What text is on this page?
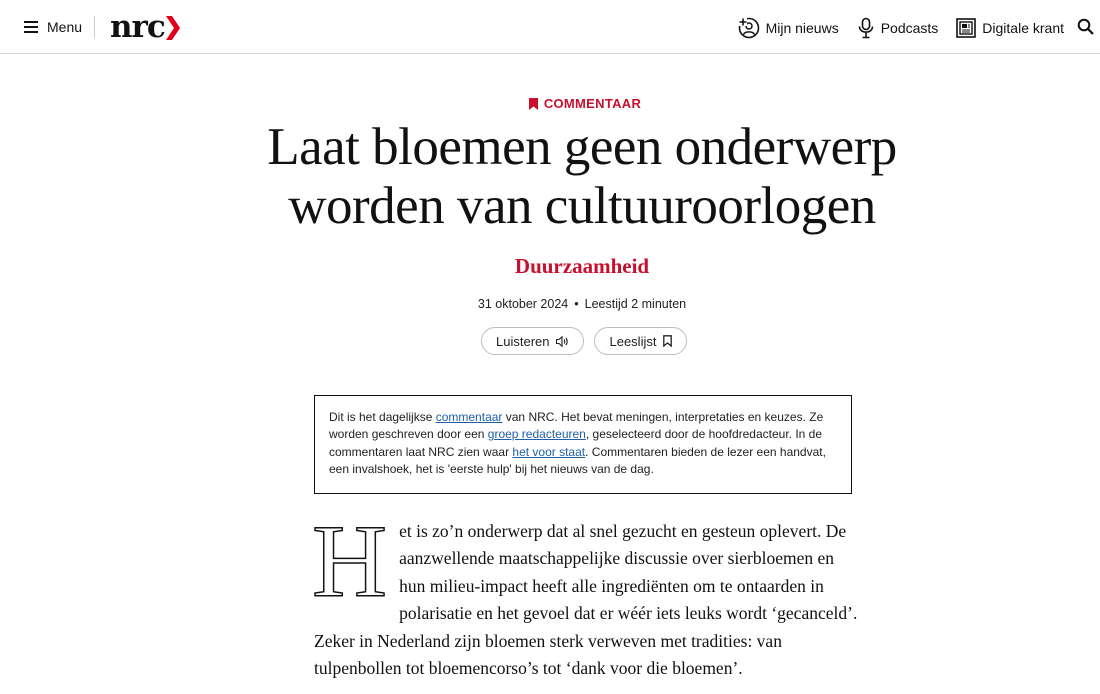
Menu nrc	Mijn nieuws	Podcasts	Digitale krant
COMMENTAAR
Laat bloemen geen onderwerp worden van cultuuroorlogen
Duurzaamheid
31 oktober 2024 • Leestijd 2 minuten
Luisteren	Leeslijst
Dit is het dagelijkse commentaar van NRC. Het bevat meningen, interpretaties en keuzes. Ze worden geschreven door een groep redacteuren, geselecteerd door de hoofdredacteur. In de commentaren laat NRC zien waar het voor staat. Commentaren bieden de lezer een handvat, een invalshoek, het is 'eerste hulp' bij het nieuws van de dag.
Het is zo’n onderwerp dat al snel gezucht en gesteun oplevert. De aanzwellende maatschappelijke discussie over sierbloemen en hun milieu-impact heeft alle ingrediënten om te ontaarden in polarisatie en het gevoel dat er wéér iets leuks wordt ‘gecanceld’. Zeker in Nederland zijn bloemen sterk verweven met tradities: van tulpenbollen tot bloemencorso’s tot ‘dank voor die bloemen’.
